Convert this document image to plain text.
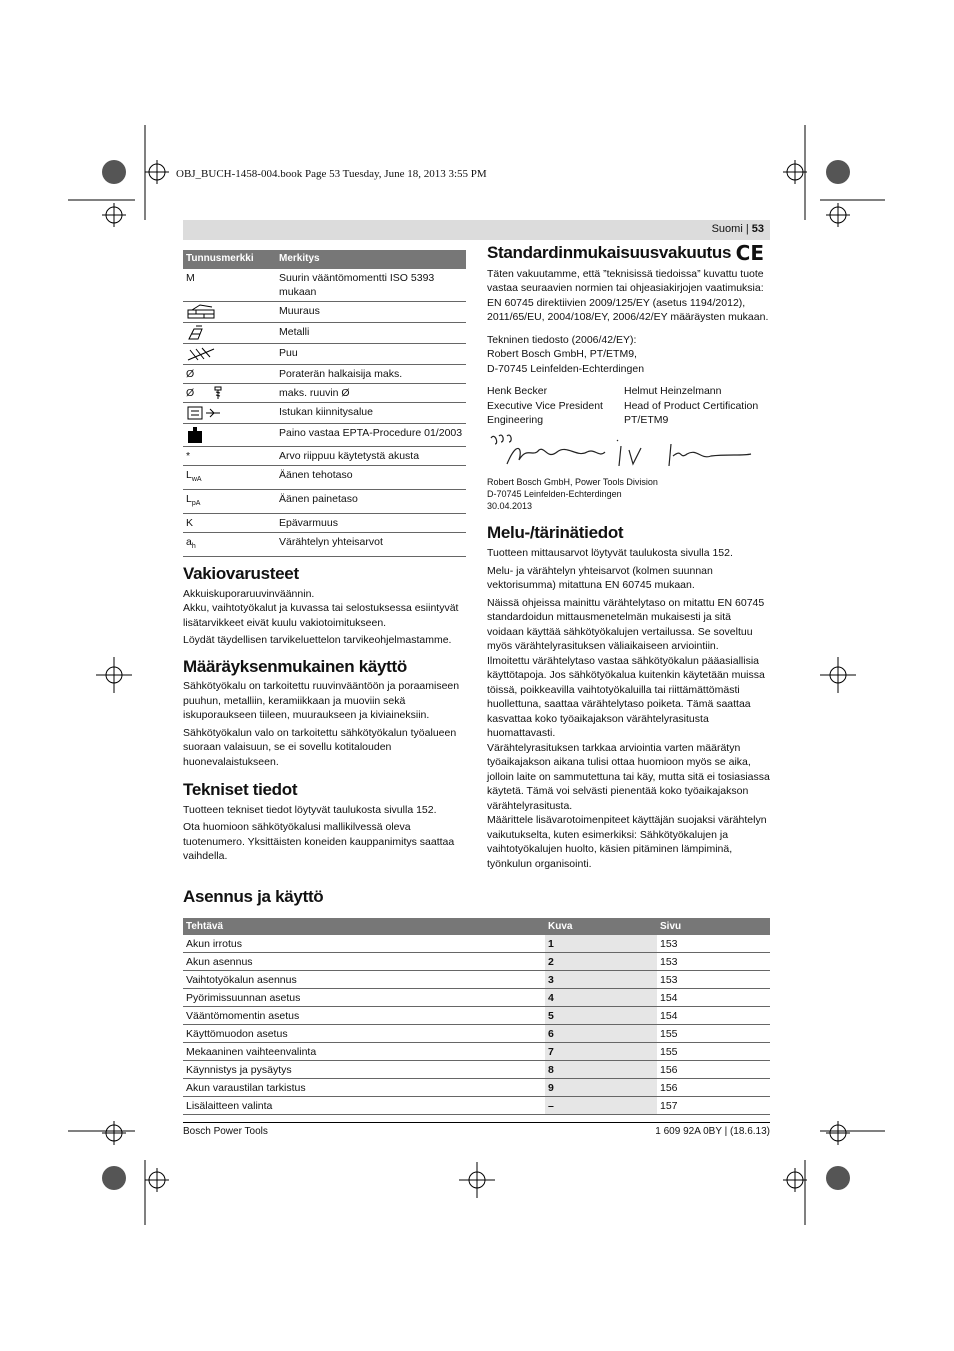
OBJ_BUCH-1458-004.book Page 53 Tuesday, June 18, 2013 3:55 PM
Suomi | 53
Tunnusmerkki	Merkitys
M	Suurin vääntömomentti ISO 5393 mukaan

	Muuraus

	Metalli

	Puu
Ø	Poraterän halkaisija maks.
Ø	maks. ruuvin Ø

	Istukan kiinnitysalue

	Paino vastaa EPTA-Procedure 01/2003
*	Arvo riippuu käytetystä akusta
$L_{wA}$	Äänen tehotaso
$L_{pA}$	Äänen painetaso
K	Epävarmuus
$a_h$	Värähtelyn yhteisarvot
Vakiovarusteet

Akkuiskuporaruuvinväännin.

Akku, vaihtotyökalut ja kuvassa tai selostuksessa esiintyvät lisätarvikkeet eivät kuulu vakiotoimitukseen.

Löydät täydellisen tarvikeluettelon tarvikeohjelmastamme.

Määräyksenmukainen käyttö

Sähkötyökalu on tarkoitettu ruuvinvääntöön ja poraamiseen puuhun, metalliin, keramiikkaan ja muoviin sekä iskuporaukseen tiileen, muuraukseen ja kiviaineksiin.

Sähkötyökalun valo on tarkoitettu sähkötyökalun työalueen suoraan valaisuun, se ei sovellu kotitalouden huonevalaistukseen.

Tekniset tiedot

Tuotteen tekniset tiedot löytyvät taulukosta sivulla 152.

Ota huomioon sähkötyökalusi mallikilvessä oleva tuotenumero. Yksittäisten koneiden kauppanimitys saattaa vaihdella.

Standardinmukaisuusvakuutus CE

Täten vakuutamme, että ”teknisissä tiedoissa” kuvattu tuote vastaa seuraavien normien tai ohjeasiakirjojen vaatimuksia: EN 60745 direktiivien 2009/125/EY (asetus 1194/2012), 2011/65/EU, 2004/108/EY, 2006/42/EY määräysten mukaan.

Tekninen tiedosto (2006/42/EY):

Robert Bosch GmbH, PT/ETM9,

D-70745 Leinfelden-Echterdingen

Henk Becker
Executive Vice President
Engineering
Helmut Heinzelmann
Head of Product Certification
PT/ETM9
Robert Bosch GmbH, Power Tools Division
D-70745 Leinfelden-Echterdingen
30.04.2013
Melu-/tärinätiedot

Tuotteen mittausarvot löytyvät taulukosta sivulla 152.

Melu- ja värähtelyn yhteisarvot (kolmen suunnan vektorisumma) mitattuna EN 60745 mukaan.

Näissä ohjeissa mainittu värähtelytaso on mitattu EN 60745 standardoidun mittausmenetelmän mukaisesti ja sitä voidaan käyttää sähkötyökalujen vertailussa. Se soveltuu myös värähtelyrasituksen väliaikaiseen arviointiin.

Ilmoitettu värähtelytaso vastaa sähkötyökalun pääasiallisia käyttötapoja. Jos sähkötyökalua kuitenkin käytetään muissa töissä, poikkeavilla vaihtotyökaluilla tai riittämättömästi huollettuna, saattaa värähtelytaso poiketa. Tämä saattaa kasvattaa koko työaikajakson värähtelyrasitusta huomattavasti.

Värähtelyrasituksen tarkkaa arviointia varten määrätyn työaikajakson aikana tulisi ottaa huomioon myös se aika, jolloin laite on sammutettuna tai käy, mutta sitä ei tosiasiassa käytetä. Tämä voi selvästi pienentää koko työaikajakson värähtelyrasitusta.

Määrittele lisävarotoimenpiteet käyttäjän suojaksi värähtelyn vaikutukselta, kuten esimerkiksi: Sähkötyökalujen ja vaihtotyökalujen huolto, käsien pitäminen lämpiminä, työnkulun organisointi.

Asennus ja käyttö
Tehtävä	Kuva	Sivu
Akun irrotus	1	153
Akun asennus	2	153
Vaihtotyökalun asennus	3	153
Pyörimissuunnan asetus	4	154
Vääntömomentin asetus	5	154
Käyttömuodon asetus	6	155
Mekaaninen vaihteenvalinta	7	155
Käynnistys ja pysäytys	8	156
Akun varaustilan tarkistus	9	156
Lisälaitteen valinta	–	157
Bosch Power Tools	1 609 92A 0BY | (18.6.13)
